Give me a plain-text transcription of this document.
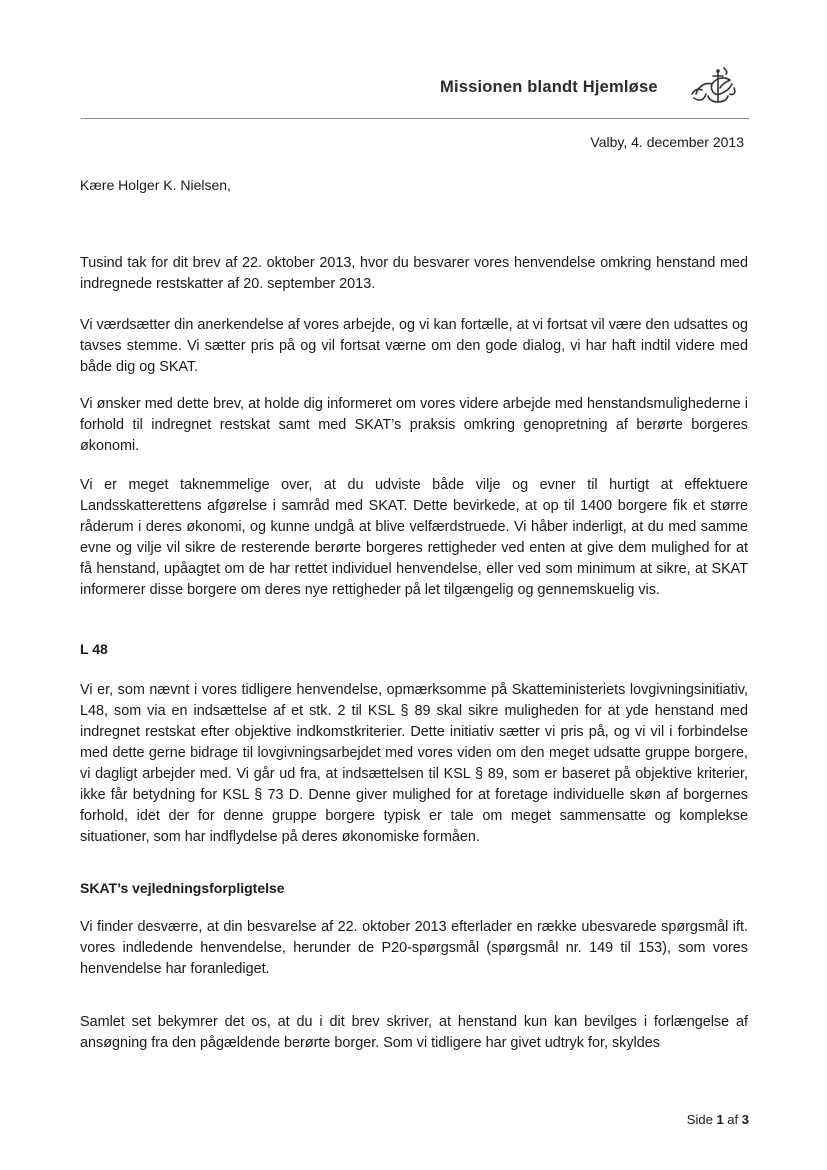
Missionen blandt Hjemløse
Valby, 4. december 2013
Kære Holger K. Nielsen,
Tusind tak for dit brev af 22. oktober 2013, hvor du besvarer vores henvendelse omkring henstand med indregnede restskatter af 20. september 2013.
Vi værdsætter din anerkendelse af vores arbejde, og vi kan fortælle, at vi fortsat vil være den udsattes og tavses stemme. Vi sætter pris på og vil fortsat værne om den gode dialog, vi har haft indtil videre med både dig og SKAT.
Vi ønsker med dette brev, at holde dig informeret om vores videre arbejde med henstandsmulighederne i forhold til indregnet restskat samt med SKAT’s praksis omkring genopretning af berørte borgeres økonomi.
Vi er meget taknemmelige over, at du udviste både vilje og evner til hurtigt at effektuere Landsskatterettens afgørelse i samråd med SKAT. Dette bevirkede, at op til 1400 borgere fik et større råderum i deres økonomi, og kunne undgå at blive velfærdstruede. Vi håber inderligt, at du med samme evne og vilje vil sikre de resterende berørte borgeres rettigheder ved enten at give dem mulighed for at få henstand, upåagtet om de har rettet individuel henvendelse, eller ved som minimum at sikre, at SKAT informerer disse borgere om deres nye rettigheder på let tilgængelig og gennemskuelig vis.
L 48
Vi er, som nævnt i vores tidligere henvendelse, opmærksomme på Skatteministeriets lovgivningsinitiativ, L48, som via en indsættelse af et stk. 2 til KSL § 89 skal sikre muligheden for at yde henstand med indregnet restskat efter objektive indkomstkriterier. Dette initiativ sætter vi pris på, og vi vil i forbindelse med dette gerne bidrage til lovgivningsarbejdet med vores viden om den meget udsatte gruppe borgere, vi dagligt arbejder med. Vi går ud fra, at indsættelsen til KSL § 89, som er baseret på objektive kriterier, ikke får betydning for KSL § 73 D. Denne giver mulighed for at foretage individuelle skøn af borgernes forhold, idet der for denne gruppe borgere typisk er tale om meget sammensatte og komplekse situationer, som har indflydelse på deres økonomiske formåen.
SKAT’s vejledningsforpligtelse
Vi finder desværre, at din besvarelse af 22. oktober 2013 efterlader en række ubesvarede spørgsmål ift. vores indledende henvendelse, herunder de P20-spørgsmål (spørgsmål nr. 149 til 153), som vores henvendelse har foranlediget.
Samlet set bekymrer det os, at du i dit brev skriver, at henstand kun kan bevilges i forlængelse af ansøgning fra den pågældende berørte borger. Som vi tidligere har givet udtryk for, skyldes
Side 1 af 3
